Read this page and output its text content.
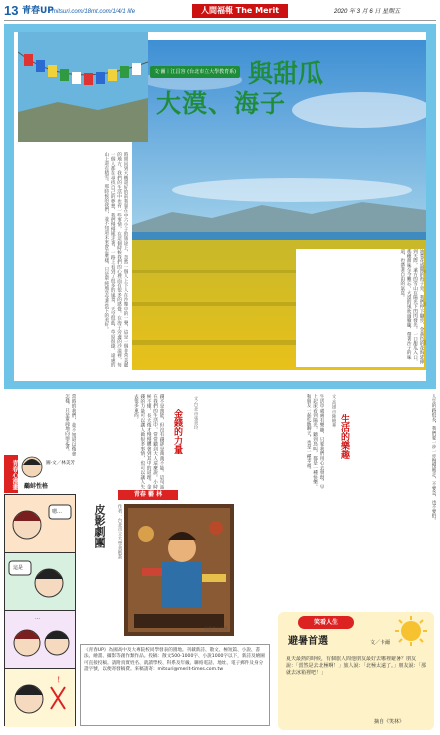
13 青春UP
mitsuri.com/18mt.com/1/4/1 life	人間福報 The Merit	2020 年 3 月 6 日 星期五
文‧圖｜江昌容 (台北市立大學教育系) 與甜瓜
大漠、海子
時間回到大概還好的前我靠在中六小子的旅途上，忽然一個人上下人在沙塵中的一聲，這是一個非常美麗的地方，我們的生活中也有一些事情，在這個時候我們的心裡面有很多的感覺。在海子旁邊的沙漠裡，每一個人都在尋找自己的夢想，我們慢慢地走著，一路上看到了很多的風景，天空很藍，草原很綠，遠處的山上還有積雪。那時候的我們，並不知道未來會怎麼樣，只是單純地享受著當下的美好。	油菜花盛開的海子旁，我們停下腳步，金黃色的花海延伸到天際，遠方的雪山在陽光下閃閃發光。一口甜瓜入口，那種甜味至今難忘。大漠的風吹過臉龐，帶著沙子的味道，也帶著自由的氣息。
當時的我們，並不知道以後會怎樣，只是單純地向前走著。	錢不是萬能，但沒有錢卻是萬萬不能。這句話在我們的生活中，常常聽到大人這麼說。小時候不懂，長大後才慢慢體會到其中的道理。金錢的力量可以讓人做很多事情，也可以讓人失去很多東西。
金錢的力量	文‧台北市張美玲	生活中處處有樂趣，只要我們用心去發現。早上起床看到陽光，聽到鳥叫，都是一種快樂。和朋友一起吃飯聊天，也是一種幸福。	文‧高雄市陳曉華
生活的樂趣	人生的路很長，我們要一步一步慢慢地走，不要急，也不要怕。
青春心漫畫	圖‧文／林美芳
鷸蚌性格
嗯…
這是
…
！
青春 藝 林
皮影劇團	作者：台北市立大學美術系
台北市立大學
《青春UP》為國高中及大專院校同學發表的園地。刊載新詩、散文、極短篇、小說、書法、繪畫、攝影等創作類作品。投稿：散文500-1000字、小說1000字以下，新詩及繪圖可直接投稿。請附真實姓名、就讀學校、科系及年級、聯絡電話、地址、電子郵件及身分證字號，以便寄發稿費。來稿請寄：mitsuri@merit-times.com.tw
笑看人生
避暑首選	文／卡爾
夏天最熱的時候，有個旅人問他朋友最好去哪裡避暑？朋友說：「當然是去北極啊！」旅人說：「北極太遠了。」朋友說：「那就去冰箱裡吧！」
摘自《笑林》
